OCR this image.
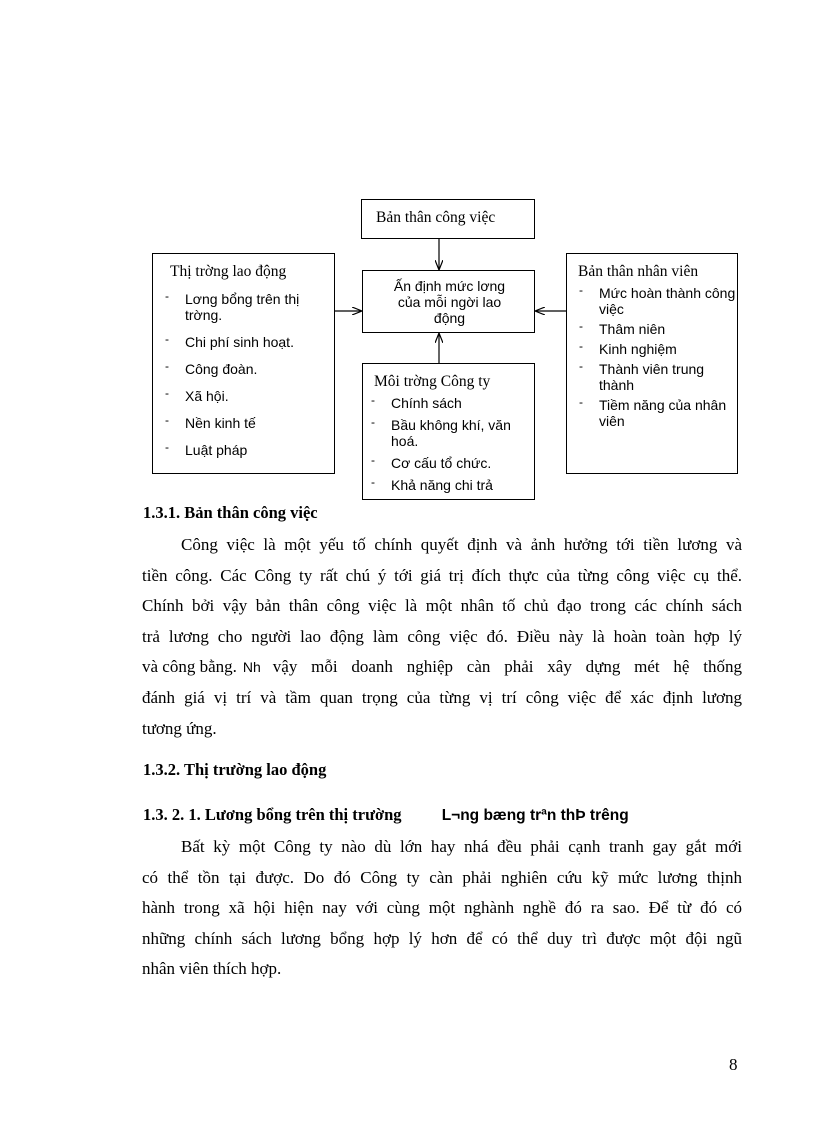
Bản thân công việc
Ấn định mức lơng
của mỗi ngời lao
động
Thị trờng lao động
- Lơng bổng trên thị trờng.
- Chi phí sinh hoạt.
- Công đoàn.
- Xã hội.
- Nền kinh tế
- Luật pháp
Bản thân nhân viên
- Mức hoàn thành công việc
- Thâm niên
- Kinh nghiệm
- Thành viên trung thành
- Tiềm năng của nhân viên
Môi trờng Công ty
- Chính sách
- Bầu không khí, văn hoá.
- Cơ cấu tổ chức.
- Khả năng chi trả
1.3.1. Bản thân công việc
Công việc là một yếu tố chính quyết định và ảnh hưởng tới tiền lương và
tiền công. Các Công ty rất chú ý tới giá trị đích thực của từng công việc cụ thể.
Chính bởi vậy bản thân công việc là một nhân tố chủ đạo trong các chính sách
trả lương cho người lao động làm công việc đó. Điều này là hoàn toàn hợp lý
và công bằng. Nh vậy mỗi doanh nghiệp càn phải xây dựng mét hệ thống
đánh giá vị trí và tầm quan trọng của từng vị trí công việc để xác định lương
tương ứng.
1.3.2. Thị trường lao động
1.3. 2. 1. Lương bổng trên thị trường	L¬ng bæng trªn thÞ trêng
Bất kỳ một Công ty nào dù lớn hay nhá đều phải cạnh tranh gay gắt mới
có thể tồn tại được. Do đó Công ty càn phải nghiên cứu kỹ mức lương thịnh
hành trong xã hội hiện nay với cùng một nghành nghề đó ra sao. Để từ đó có
những chính sách lương bổng hợp lý hơn để có thể duy trì được một đội ngũ
nhân viên thích hợp.
8
